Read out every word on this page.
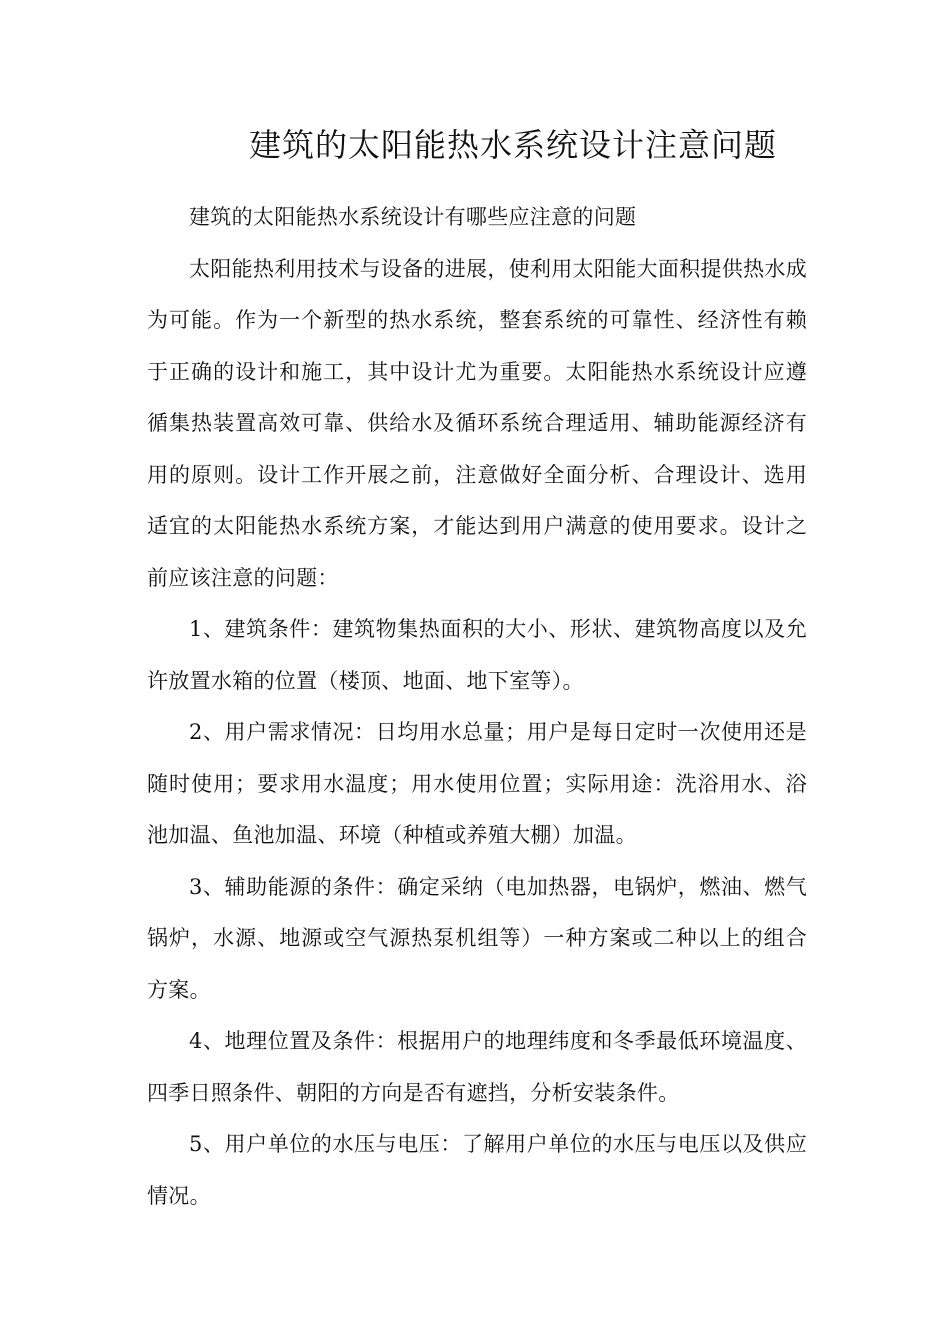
建筑的太阳能热水系统设计注意问题

建筑的太阳能热水系统设计有哪些应注意的问题

太阳能热利用技术与设备的进展，使利用太阳能大面积提供热水成为可能。作为一个新型的热水系统，整套系统的可靠性、经济性有赖于正确的设计和施工，其中设计尤为重要。太阳能热水系统设计应遵循集热装置高效可靠、供给水及循环系统合理适用、辅助能源经济有用的原则。设计工作开展之前，注意做好全面分析、合理设计、选用适宜的太阳能热水系统方案，才能达到用户满意的使用要求。设计之前应该注意的问题：

1、建筑条件：建筑物集热面积的大小、形状、建筑物高度以及允许放置水箱的位置（楼顶、地面、地下室等）。

2、用户需求情况：日均用水总量；用户是每日定时一次使用还是随时使用；要求用水温度；用水使用位置；实际用途：洗浴用水、浴池加温、鱼池加温、环境（种植或养殖大棚）加温。

3、辅助能源的条件：确定采纳（电加热器，电锅炉，燃油、燃气锅炉，水源、地源或空气源热泵机组等）一种方案或二种以上的组合方案。

4、地理位置及条件：根据用户的地理纬度和冬季最低环境温度、四季日照条件、朝阳的方向是否有遮挡，分析安装条件。

5、用户单位的水压与电压：了解用户单位的水压与电压以及供应情况。
